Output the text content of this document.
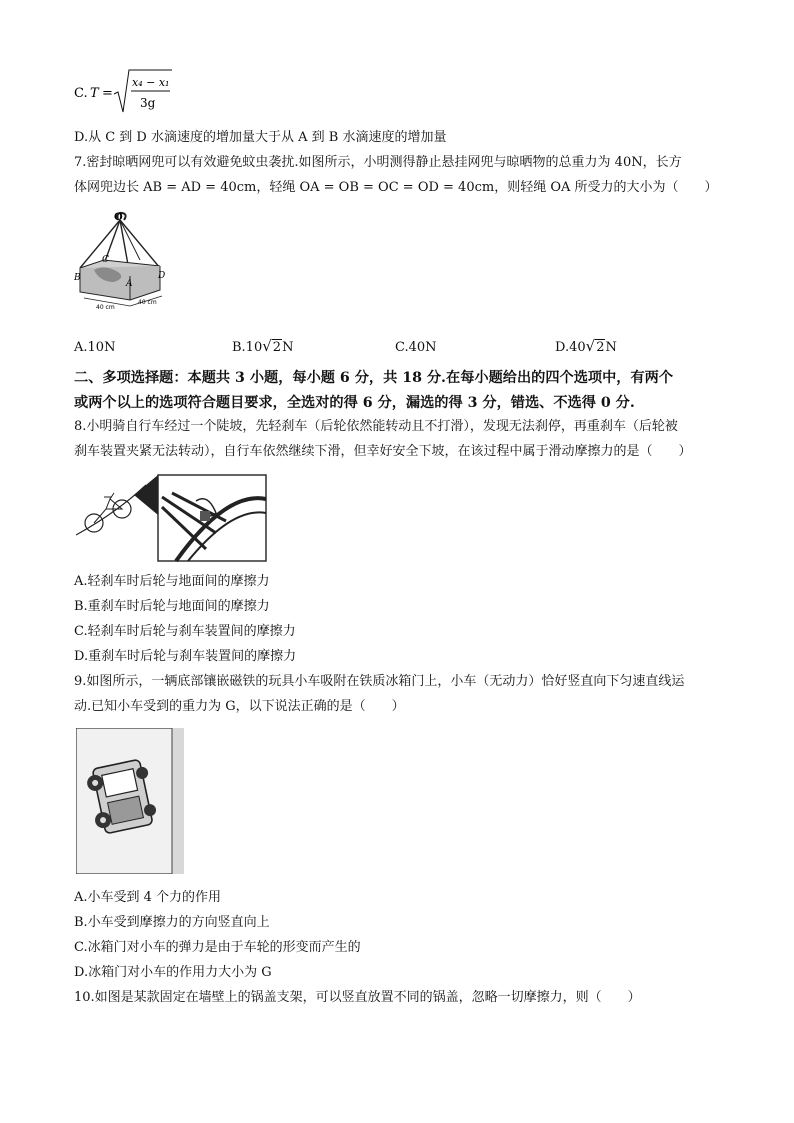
C. T =
x₄ − x₁
3g
D.从 C 到 D 水滴速度的增加量大于从 A 到 B 水滴速度的增加量
7.密封晾晒网兜可以有效避免蚊虫袭扰.如图所示，小明测得静止悬挂网兜与晾晒物的总重力为 40N，长方
体网兜边长 AB = AD = 40cm，轻绳 OA = OB = OC = OD = 40cm，则轻绳 OA 所受力的大小为（　　）
O
B
C
A
D
40 cm
40 cm
A.10N	B.10√2N	C.40N	D.40√2N
二、多项选择题：本题共 3 小题，每小题 6 分，共 18 分.在每小题给出的四个选项中，有两个
或两个以上的选项符合题目要求，全选对的得 6 分，漏选的得 3 分，错选、不选得 0 分.
8.小明骑自行车经过一个陡坡，先轻刹车（后轮依然能转动且不打滑），发现无法刹停，再重刹车（后轮被
刹车装置夹紧无法转动），自行车依然继续下滑，但幸好安全下坡，在该过程中属于滑动摩擦力的是（　　）
A.轻刹车时后轮与地面间的摩擦力
B.重刹车时后轮与地面间的摩擦力
C.轻刹车时后轮与刹车装置间的摩擦力
D.重刹车时后轮与刹车装置间的摩擦力
9.如图所示，一辆底部镶嵌磁铁的玩具小车吸附在铁质冰箱门上，小车（无动力）恰好竖直向下匀速直线运
动.已知小车受到的重力为 G，以下说法正确的是（　　）
A.小车受到 4 个力的作用
B.小车受到摩擦力的方向竖直向上
C.冰箱门对小车的弹力是由于车轮的形变而产生的
D.冰箱门对小车的作用力大小为 G
10.如图是某款固定在墙壁上的锅盖支架，可以竖直放置不同的锅盖，忽略一切摩擦力，则（　　）
